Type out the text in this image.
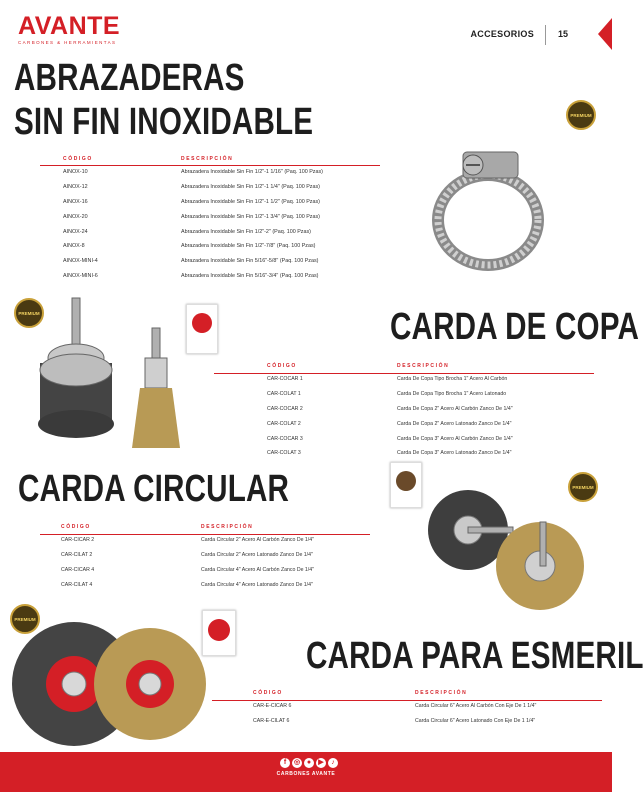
AVANTE
CARBONES & HERRAMIENTAS
ACCESORIOS	15
ABRAZADERAS
SIN FIN INOXIDABLE
CÓDIGO	DESCRIPCIÓN
AINOX-10	Abrazadera Inoxidable Sin Fin 1/2"-1 1/16" (Paq. 100 Pzas)
AINOX-12	Abrazadera Inoxidable Sin Fin 1/2"-1 1/4" (Paq. 100 Pzas)
AINOX-16	Abrazadera Inoxidable Sin Fin 1/2"-1 1/2" (Paq. 100 Pzas)
AINOX-20	Abrazadera Inoxidable Sin Fin 1/2"-1 3/4" (Paq. 100 Pzas)
AINOX-24	Abrazadera Inoxidable Sin Fin 1/2"-2" (Paq. 100 Pzas)
AINOX-8	Abrazadera Inoxidable Sin Fin 1/2"-7/8" (Paq. 100 Pzas)
AINOX-MINI-4	Abrazadera Inoxidable Sin Fin 5/16"-5/8" (Paq. 100 Pzas)
AINOX-MINI-6	Abrazadera Inoxidable Sin Fin 5/16"-3/4" (Paq. 100 Pzas)
PREMIUM
PREMIUM	CARDA DE COPA
CÓDIGO	DESCRIPCIÓN
CAR-COCAR 1	Carda De Copa Tipo Brocha 1" Acero Al Carbón
CAR-COLAT 1	Carda De Copa Tipo Brocha 1" Acero Latonado
CAR-COCAR 2	Carda De Copa 2" Acero Al Carbón Zanco De 1/4"
CAR-COLAT 2	Carda De Copa 2" Acero Latonado Zanco De 1/4"
CAR-COCAR 3	Carda De Copa 3" Acero Al Carbón Zanco De 1/4"
CAR-COLAT 3	Carda De Copa 3" Acero Latonado Zanco De 1/4"
CARDA CIRCULAR	PREMIUM
CÓDIGO	DESCRIPCIÓN
CAR-CICAR 2	Carda Circular 2" Acero Al Carbón Zanco De 1/4"
CAR-CILAT 2	Carda Circular 2" Acero Latonado Zanco De 1/4"
CAR-CICAR 4	Carda Circular 4" Acero Al Carbón Zanco De 1/4"
CAR-CILAT 4	Carda Circular 4" Acero Latonado Zanco De 1/4"
PREMIUM
CARDA PARA ESMERIL
CÓDIGO	DESCRIPCIÓN
CAR-E-CICAR 6	Carda Circular 6" Acero Al Carbón Con Eje De 1 1/4"
CAR-E-CILAT 6	Carda Circular 6" Acero Latonado Con Eje De 1 1/4"
f	◎ ●	▶	♪
CARBONES AVANTE
